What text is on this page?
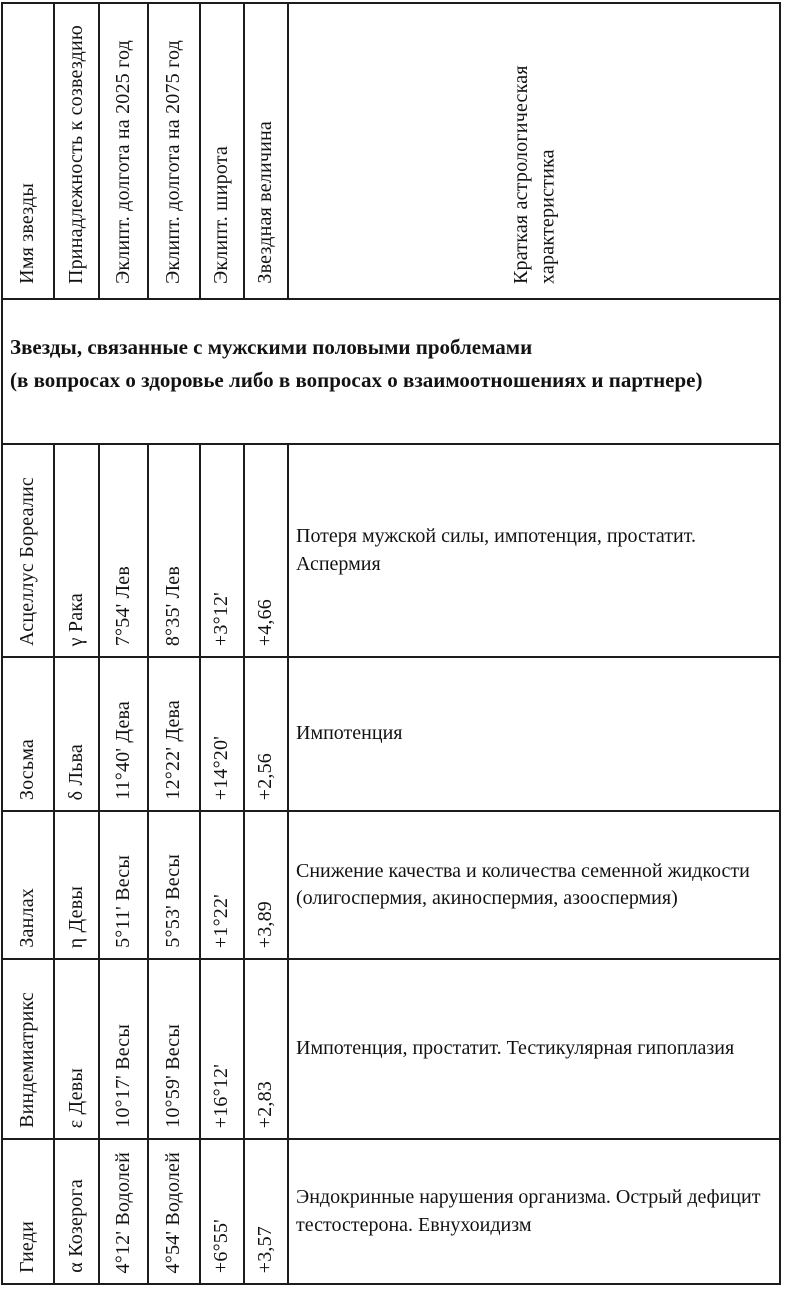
Имя звезды Принадлежность к созвездию Эклипт. долгота на 2025 год Эклипт. долгота на 2075 год Эклипт. широта Звездная величина	Краткая астрологическая характеристика
Звезды, связанные с мужскими половыми проблемами
(в вопросах о здоровье либо в вопросах о взаимоотношениях и партнере)
Асцеллус Бореалис γ Рака 7°54' Лев 8°35' Лев +3°12' +4,66
Потеря мужской силы, импотенция, простатит. Аспермия
Зосьма δ Льва 11°40' Дева 12°22' Дева +14°20' +2,56
Импотенция
Занлах η Девы 5°11' Весы 5°53' Весы +1°22' +3,89
Снижение качества и количества семенной жидкости (олигоспермия, акиноспермия, азооспермия)
Виндемиатрикс ε Девы 10°17' Весы 10°59' Весы +16°12' +2,83
Импотенция, простатит. Тестикулярная гипоплазия
Гиеди α Козерога 4°12' Водолей 4°54' Водолей +6°55' +3,57
Эндокринные нарушения организма. Острый дефицит тестостерона. Евнухоидизм
